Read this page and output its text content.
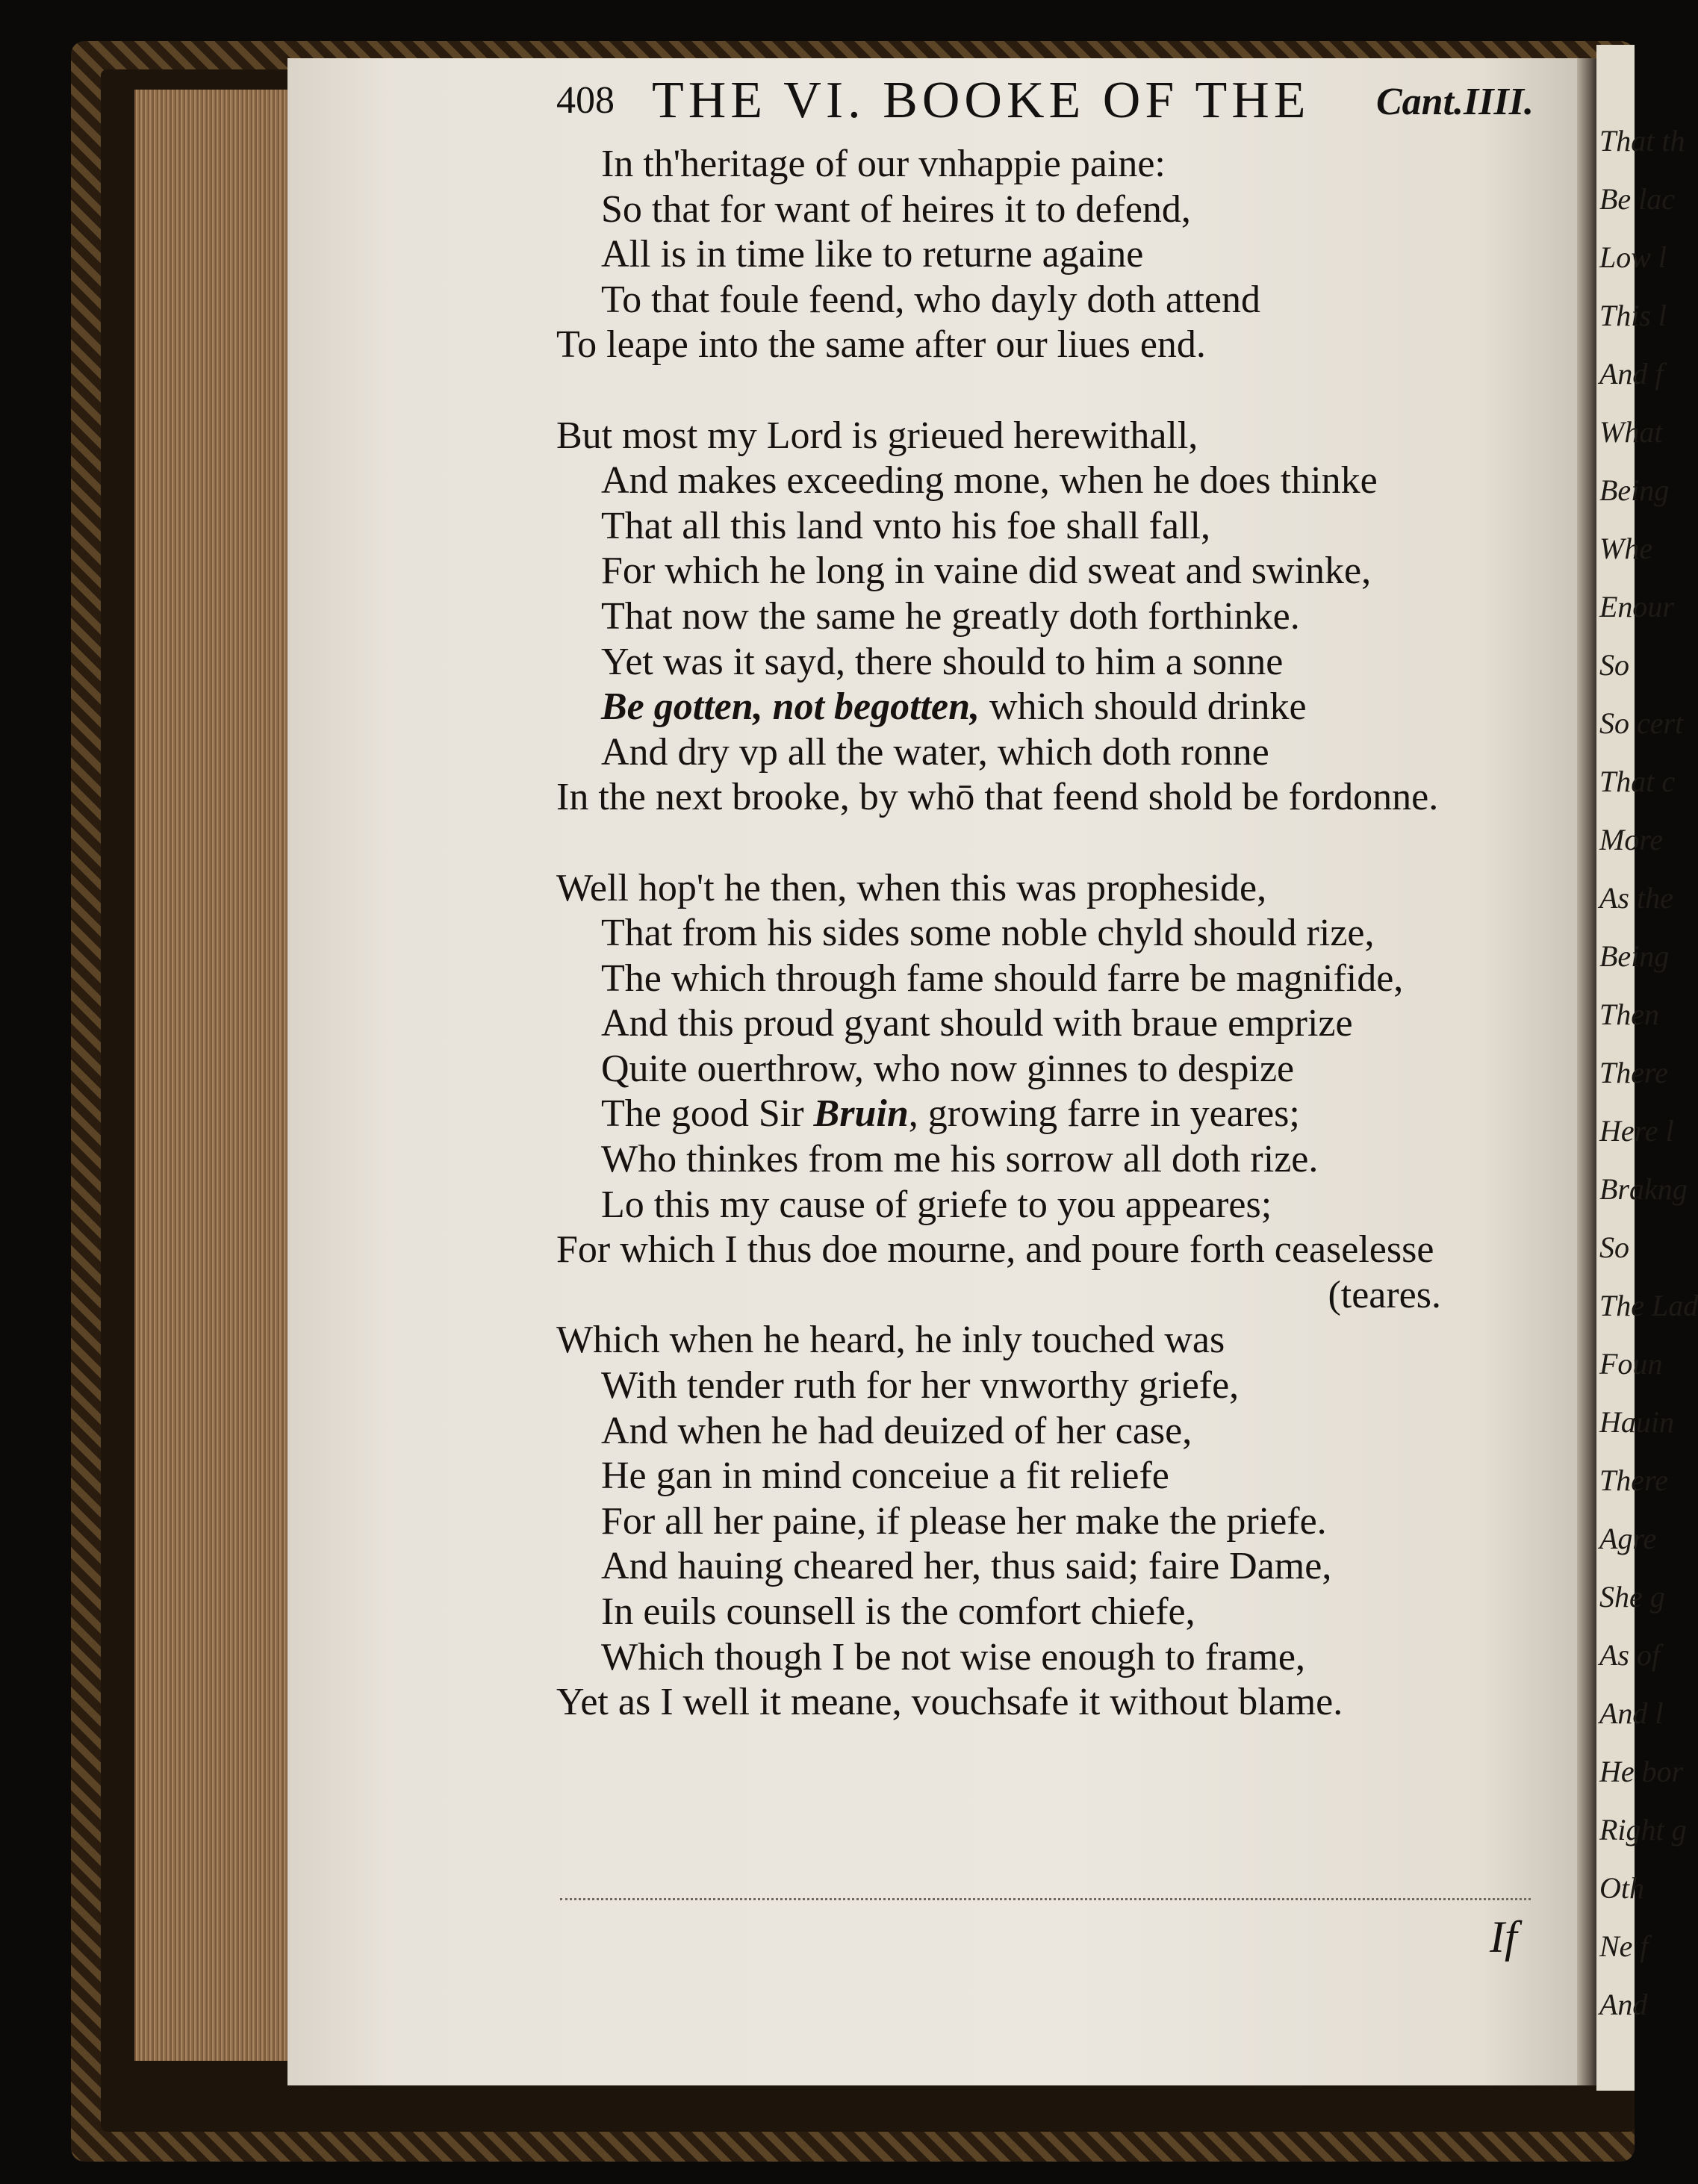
That th
Be lac
Low l
This l
And f
What
Being
Whe
Enour
So
So cert
That c
More
As the
Being
Then
There
Here l
Brakng
So
The Lad
Foun
Hauin
There
Agre
She g
As of
And l
He bor
Right g
Oth
Ne f
And
408 THE VI. BOOKE OF THE Cant.IIII.
In th'heritage of our vnhappie paine:
So that for want of heires it to defend,
All is in time like to returne againe
To that foule feend, who dayly doth attend
To leape into the same after our liues end.
But most my Lord is grieued herewithall,
And makes exceeding mone, when he does thinke
That all this land vnto his foe shall fall,
For which he long in vaine did sweat and swinke,
That now the same he greatly doth forthinke.
Yet was it sayd, there should to him a sonne
Be gotten, not begotten, which should drinke
And dry vp all the water, which doth ronne
In the next brooke, by whō that feend shold be fordonne.
Well hop't he then, when this was propheside,
That from his sides some noble chyld should rize,
The which through fame should farre be magnifide,
And this proud gyant should with braue emprize
Quite ouerthrow, who now ginnes to despize
The good Sir Bruin, growing farre in yeares;
Who thinkes from me his sorrow all doth rize.
Lo this my cause of griefe to you appeares;
For which I thus doe mourne, and poure forth ceaselesse
(teares.
Which when he heard, he inly touched was
With tender ruth for her vnworthy griefe,
And when he had deuized of her case,
He gan in mind conceiue a fit reliefe
For all her paine, if please her make the priefe.
And hauing cheared her, thus said; faire Dame,
In euils counsell is the comfort chiefe,
Which though I be not wise enough to frame,
Yet as I well it meane, vouchsafe it without blame.
If
